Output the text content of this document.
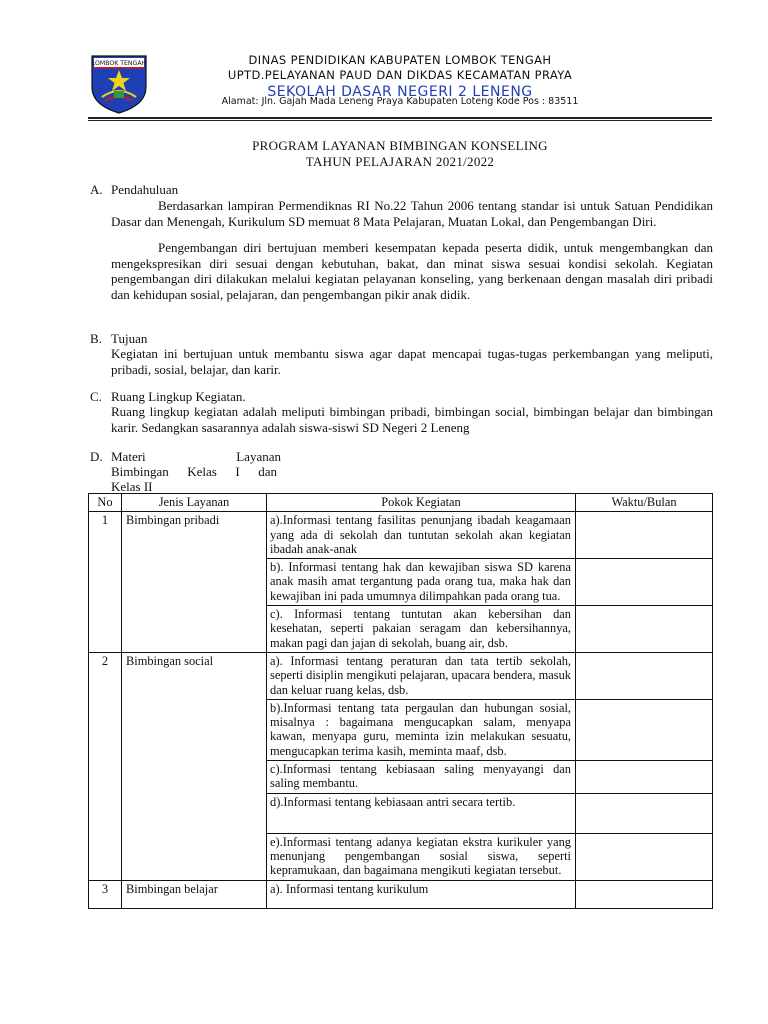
LOMBOK TENGAH	DINAS PENDIDIKAN KABUPATEN LOMBOK TENGAH
UPTD.PELAYANAN PAUD DAN DIKDAS KECAMATAN PRAYA
SEKOLAH DASAR NEGERI 2 LENENG
Alamat: Jln. Gajah Mada Leneng Praya Kabupaten Loteng Kode Pos : 83511
PROGRAM LAYANAN BIMBINGAN KONSELING
TAHUN PELAJARAN 2021/2022
A. Pendahuluan
Berdasarkan lampiran Permendiknas RI No.22 Tahun 2006 tentang standar isi untuk Satuan Pendidikan Dasar dan Menengah, Kurikulum SD memuat 8 Mata Pelajaran, Muatan Lokal, dan Pengembangan Diri.
Pengembangan diri bertujuan memberi kesempatan kepada peserta didik, untuk mengembangkan dan mengekspresikan diri sesuai dengan kebutuhan, bakat, dan minat siswa sesuai kondisi sekolah. Kegiatan pengembangan diri dilakukan melalui kegiatan pelayanan konseling, yang berkenaan dengan masalah diri pribadi dan kehidupan sosial, pelajaran, dan pengembangan pikir anak didik.
B. Tujuan
Kegiatan ini bertujuan untuk membantu siswa agar dapat mencapai tugas-tugas perkembangan yang meliputi, pribadi, sosial, belajar, dan karir.
C. Ruang Lingkup Kegiatan.
Ruang lingkup kegiatan adalah meliputi bimbingan pribadi, bimbingan social, bimbingan belajar dan bimbingan karir. Sedangkan sasarannya adalah siswa-siswi SD Negeri 2 Leneng
D. Materi	Layanan
Bimbingan Kelas I dan
Kelas II
No	Jenis Layanan	Pokok Kegiatan	Waktu/Bulan
1	Bimbingan pribadi	a).Informasi tentang fasilitas penunjang ibadah keagamaan yang ada di sekolah dan tuntutan sekolah akan kegiatan ibadah anak-anak	
		b). Informasi tentang hak dan kewajiban siswa SD karena anak masih amat tergantung pada orang tua, maka hak dan kewajiban ini pada umumnya dilimpahkan pada orang tua.	
		c). Informasi tentang tuntutan akan kebersihan dan kesehatan, seperti pakaian seragam dan kebersihannya, makan pagi dan jajan di sekolah, buang air, dsb.	
2	Bimbingan social	a). Informasi tentang peraturan dan tata tertib sekolah, seperti disiplin mengikuti pelajaran, upacara bendera, masuk dan keluar ruang kelas, dsb.	
		b).Informasi tentang tata pergaulan dan hubungan sosial, misalnya : bagaimana mengucapkan salam, menyapa kawan, menyapa guru, meminta izin melakukan sesuatu, mengucapkan terima kasih, meminta maaf, dsb.	
		c).Informasi tentang kebiasaan saling menyayangi dan saling membantu.	
		d).Informasi tentang kebiasaan antri secara tertib.	
		e).Informasi tentang adanya kegiatan ekstra kurikuler yang menunjang pengembangan sosial siswa, seperti kepramukaan, dan bagaimana mengikuti kegiatan tersebut.	
3	Bimbingan belajar	a). Informasi tentang kurikulum	
